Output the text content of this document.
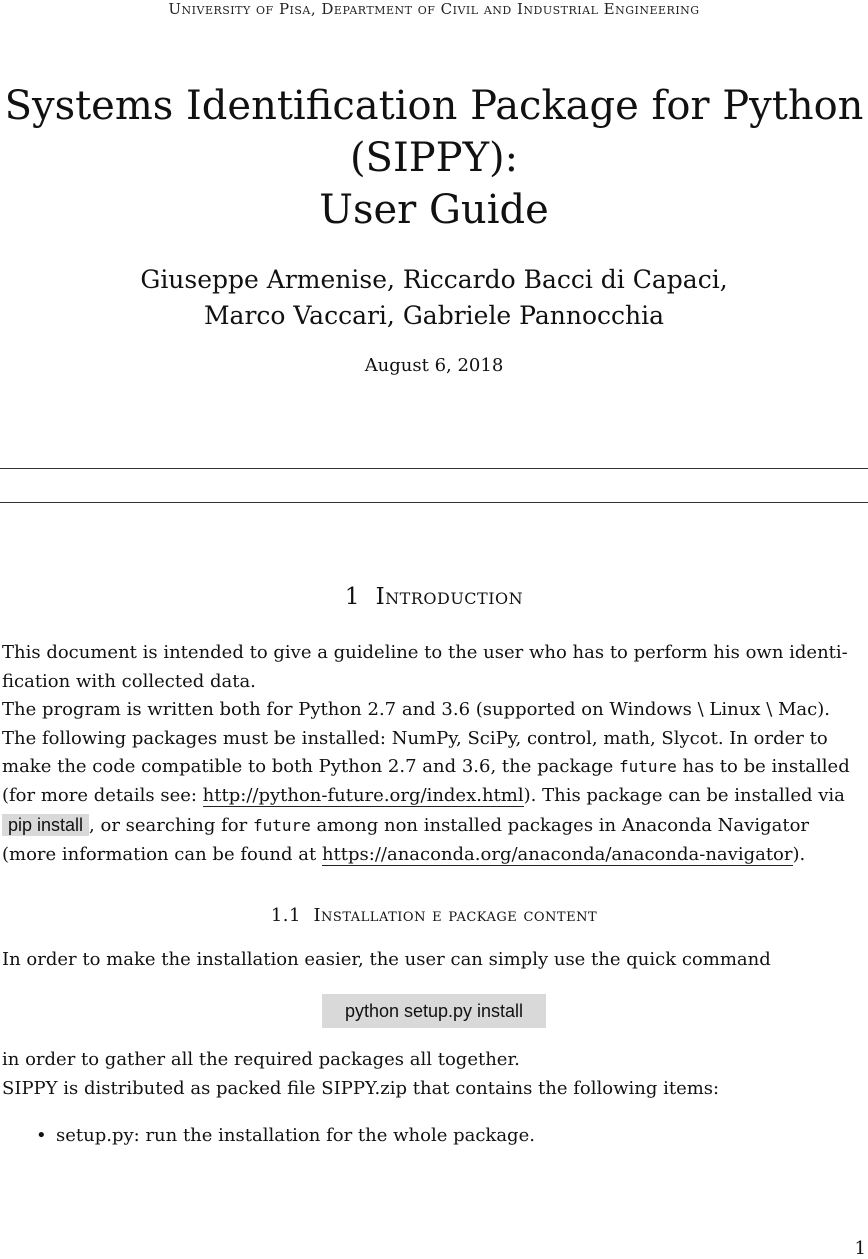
University of Pisa, Department of Civil and Industrial Engineering
Systems Identification Package for Python
(SIPPY):
User Guide
Giuseppe Armenise, Riccardo Bacci di Capaci,
Marco Vaccari, Gabriele Pannocchia
August 6, 2018
1 Introduction
This document is intended to give a guideline to the user who has to perform his own identi-
fication with collected data.
The program is written both for Python 2.7 and 3.6 (supported on Windows \ Linux \ Mac).
The following packages must be installed: NumPy, SciPy, control, math, Slycot. In order to
make the code compatible to both Python 2.7 and 3.6, the package future has to be installed
(for more details see: http://python-future.org/index.html). This package can be installed via
pip install , or searching for future among non installed packages in Anaconda Navigator
(more information can be found at https://anaconda.org/anaconda/anaconda-navigator).
1.1 Installation e package content
In order to make the installation easier, the user can simply use the quick command
python setup.py install
in order to gather all the required packages all together.
SIPPY is distributed as packed file SIPPY.zip that contains the following items:
• setup.py: run the installation for the whole package.
1
